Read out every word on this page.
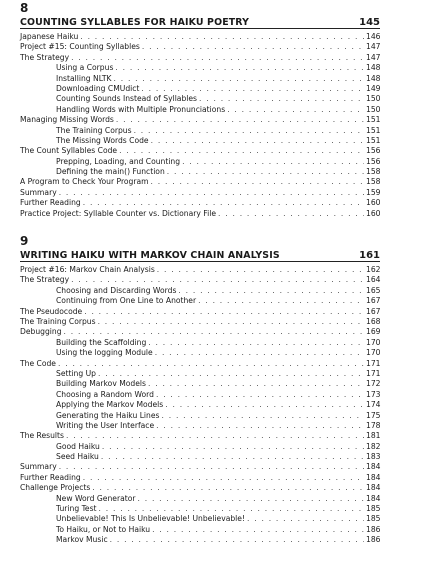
8
COUNTING SYLLABLES FOR HAIKU POETRY	145
Japanese Haiku . . .	146
Project #15: Counting Syllables . . .	147
The Strategy . . .	147
Using a Corpus . . .	148
Installing NLTK . . .	148
Downloading CMUdict . . .	149
Counting Sounds Instead of Syllables . . .	150
Handling Words with Multiple Pronunciations . . .	150
Managing Missing Words . . .	151
The Training Corpus . . .	151
The Missing Words Code . . .	151
The Count Syllables Code . . .	156
Prepping, Loading, and Counting . . .	156
Defining the main() Function . . .	158
A Program to Check Your Program . . .	158
Summary . . .	159
Further Reading . . .	160
Practice Project: Syllable Counter vs. Dictionary File . . .	160
9
WRITING HAIKU WITH MARKOV CHAIN ANALYSIS	161
Project #16: Markov Chain Analysis . . .	162
The Strategy . . .	164
Choosing and Discarding Words . . .	165
Continuing from One Line to Another . . .	167
The Pseudocode . . .	167
The Training Corpus . . .	168
Debugging . . .	169
Building the Scaffolding . . .	170
Using the logging Module . . .	170
The Code . . .	171
Setting Up . . .	171
Building Markov Models . . .	172
Choosing a Random Word . . .	173
Applying the Markov Models . . .	174
Generating the Haiku Lines . . .	175
Writing the User Interface . . .	178
The Results . . .	181
Good Haiku . . .	182
Seed Haiku . . .	183
Summary . . .	184
Further Reading . . .	184
Challenge Projects . . .	184
New Word Generator . . .	184
Turing Test . . .	185
Unbelievable! This Is Unbelievable! Unbelievable! . . .	185
To Haiku, or Not to Haiku . . .	186
Markov Music . . .	186
